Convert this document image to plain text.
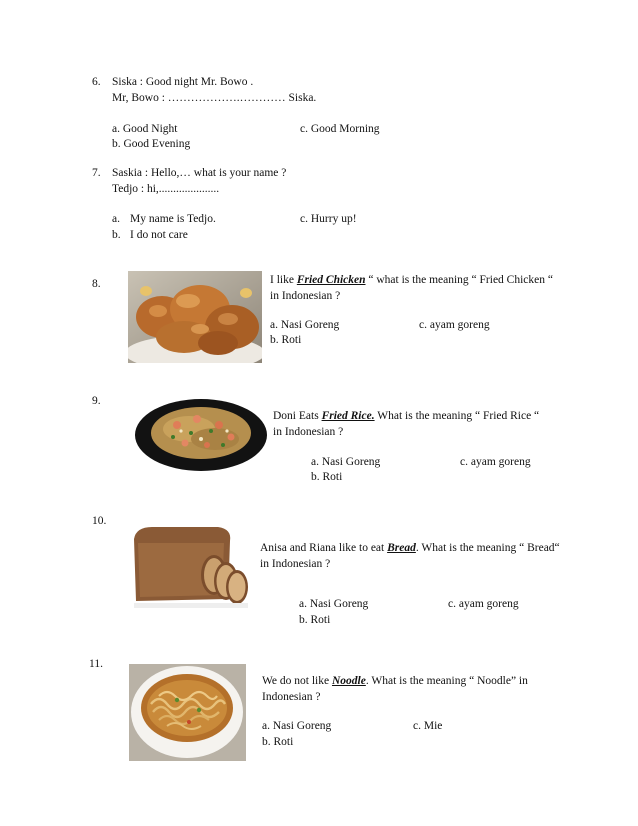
6. Siska : Good night Mr. Bowo .
Mr, Bowo : ……………….………… Siska.
a. Good Night
b. Good Evening
c. Good Morning
7. Saskia : Hello,… what is your name ?
Tedjo : hi,.....................
a. My name is Tedjo.
b. I do not care
c. Hurry up!
8.	I like Fried Chicken “ what is the meaning “ Fried Chicken “
in Indonesian ?
a. Nasi Goreng
b. Roti
c. ayam goreng
9.
Doni Eats Fried Rice. What is the meaning “ Fried Rice “
in Indonesian ?
a. Nasi Goreng
b. Roti
c. ayam goreng
10.
Anisa and Riana like to eat Bread. What is the meaning “ Bread“
in Indonesian ?
a. Nasi Goreng
b. Roti
c. ayam goreng
11.
We do not like Noodle. What is the meaning “ Noodle” in
Indonesian ?
a. Nasi Goreng
b. Roti
c. Mie
